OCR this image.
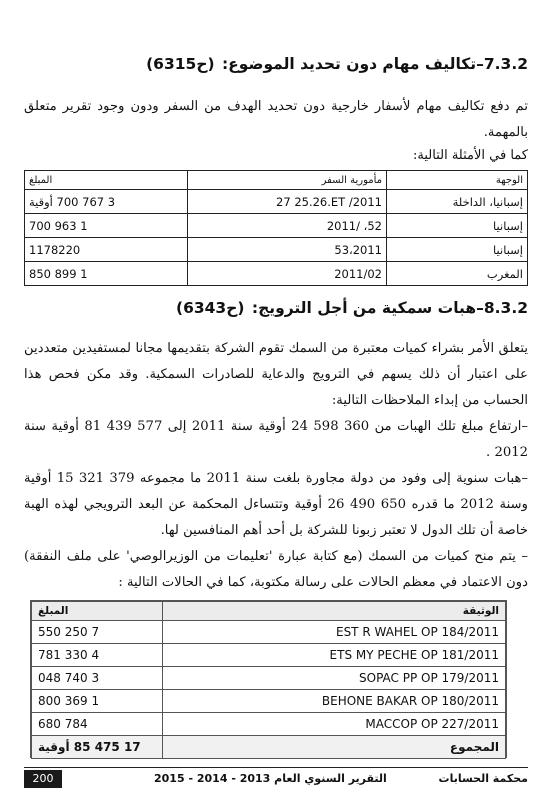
7.3.2–تكاليف مهام دون تحديد الموضوع: (ح6315)
تم دفع تكاليف مهام لأسفار خارجية دون تحديد الهدف من السفر ودون وجود تقرير متعلق بالمهمة.
كما في الأمثلة التالية:
الوجهة	مأمورية السفر	المبلغ
إسبانيا، الداخلة	27 25.26.ET /2011	3 767 700 أوقية
إسبانيا	52، /2011	1 963 700
إسبانيا	53،2011	1178220
المغرب	2011/02	1 899 850
8.3.2–هبات سمكية من أجل الترويج: (ح6343)
يتعلق الأمر بشراء كميات معتبرة من السمك تقوم الشركة بتقديمها مجانا لمستفيدين متعددين على اعتبار أن ذلك يسهم في الترويج والدعاية للصادرات السمكية. وقد مكن فحص هذا الحساب من إبداء الملاحظات التالية:
–ارتفاع مبلغ تلك الهبات من 360 598 24 أوقية سنة 2011 إلى 577 439 81 أوقية سنة 2012 .
–هبات سنوية إلى وفود من دولة مجاورة بلغت سنة 2011 ما مجموعه 379 321 15 أوقية وسنة 2012 ما قدره 650 490 26 أوقية وتتساءل المحكمة عن البعد الترويجي لهذه الهبة خاصة أن تلك الدول لا تعتبر زبونا للشركة بل أحد أهم المنافسين لها.
– يتم منح كميات من السمك (مع كتابة عبارة 'تعليمات من الوزيرالوصي' على ملف النفقة) دون الاعتماد في معظم الحالات على رسالة مكتوبة، كما في الحالات التالية :
الوثيقة	المبلغ
EST R WAHEL OP 184/2011	7 250 550
ETS MY PECHE OP 181/2011	4 330 781
SOPAC PP OP 179/2011	3 740 048
BEHONE BAKAR OP 180/2011	1 369 800
MACCOP OP 227/2011	784 680
المجموع	17 475 85 أوقية
200	التقرير السنوي العام 2013 - 2014 - 2015	محكمة الحسابات
